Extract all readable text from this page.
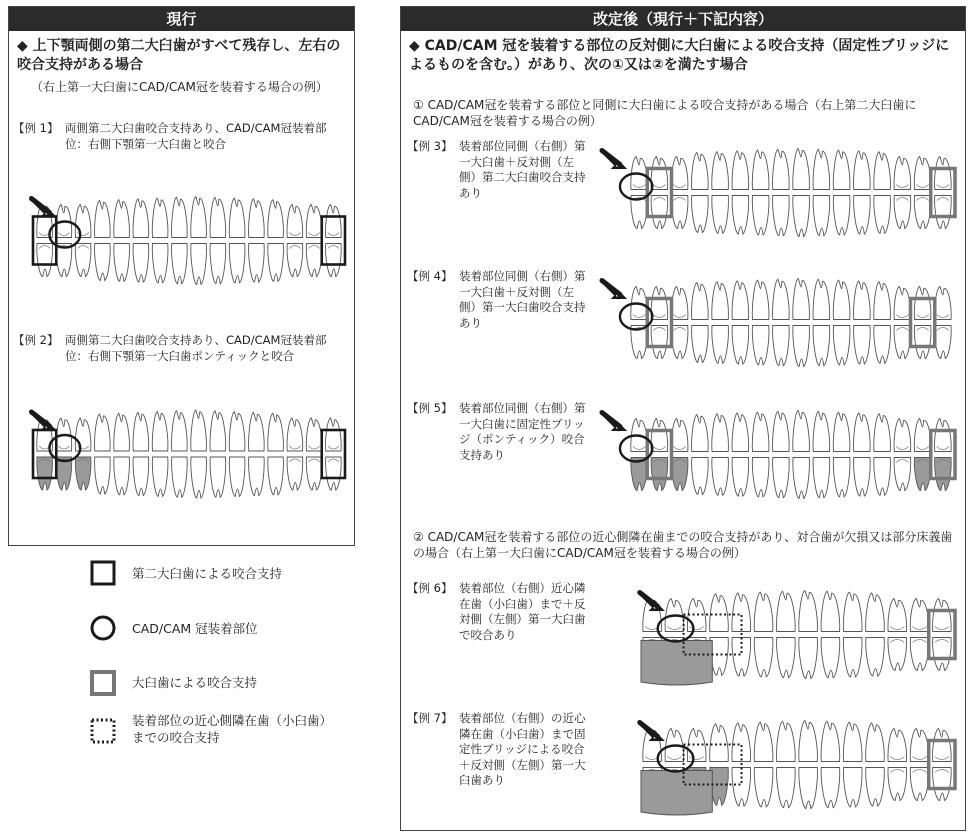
現行
◆ 上下顎両側の第二大臼歯がすべて残存し、左右の咬合支持がある場合
（右上第一大臼歯にCAD/CAM冠を装着する場合の例）
【例 1】 両側第二大臼歯咬合支持あり、CAD/CAM冠装着部位：右側下顎第一大臼歯と咬合
【例 2】 両側第二大臼歯咬合支持あり、CAD/CAM冠装着部位：右側下顎第一大臼歯ポンティックと咬合
第二大臼歯による咬合支持
CAD/CAM 冠装着部位
大臼歯による咬合支持
装着部位の近心側隣在歯（小臼歯）までの咬合支持
改定後（現行＋下記内容）
◆ CAD/CAM 冠を装着する部位の反対側に大臼歯による咬合支持（固定性ブリッジによるものを含む。）があり、次の①又は②を満たす場合
① CAD/CAM冠を装着する部位と同側に大臼歯による咬合支持がある場合（右上第二大臼歯にCAD/CAM冠を装着する場合の例）
【例 3】 装着部位同側（右側）第一大臼歯＋反対側（左側）第二大臼歯咬合支持あり
【例 4】 装着部位同側（右側）第一大臼歯＋反対側（左側）第一大臼歯咬合支持あり
【例 5】 装着部位同側（右側）第一大臼歯に固定性ブリッジ（ポンティック）咬合支持あり
② CAD/CAM冠を装着する部位の近心側隣在歯までの咬合支持があり、対合歯が欠損又は部分床義歯の場合（右上第一大臼歯にCAD/CAM冠を装着する場合の例）
【例 6】 装着部位（右側）近心隣在歯（小臼歯）まで＋反対側（左側）第一大臼歯で咬合あり
【例 7】 装着部位（右側）の近心隣在歯（小臼歯）まで固定性ブリッジによる咬合＋反対側（左側）第一大臼歯あり
